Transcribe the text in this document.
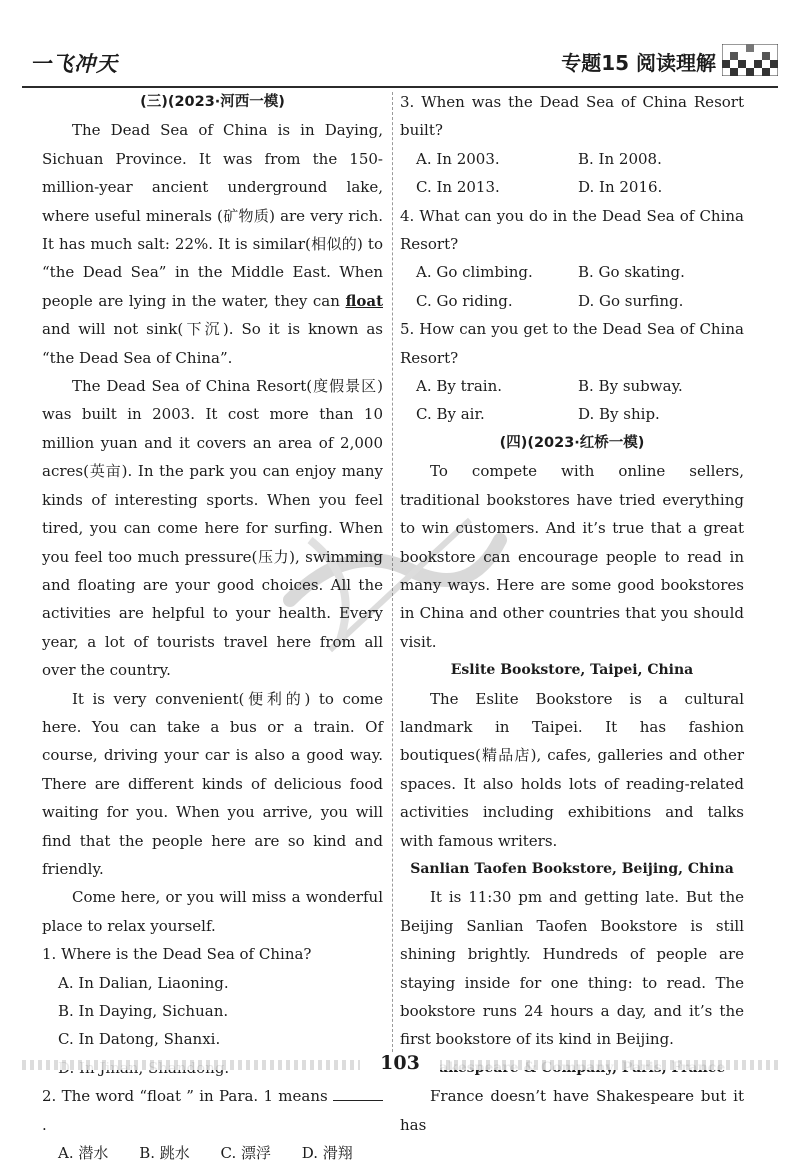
一飞冲天	专题15 阅读理解
(三)(2023·河西一模)

The Dead Sea of China is in Daying, Sichuan Province. It was from the 150-million-year ancient underground lake, where useful minerals (矿物质) are very rich. It has much salt: 22%. It is similar(相似的) to “the Dead Sea” in the Middle East. When people are lying in the water, they can float and will not sink(下沉). So it is known as “the Dead Sea of China”.

The Dead Sea of China Resort(度假景区) was built in 2003. It cost more than 10 million yuan and it covers an area of 2,000 acres(英亩). In the park you can enjoy many kinds of interesting sports. When you feel tired, you can come here for surfing. When you feel too much pressure(压力), swimming and floating are your good choices. All the activities are helpful to your health. Every year, a lot of tourists travel here from all over the country.

It is very convenient(便利的) to come here. You can take a bus or a train. Of course, driving your car is also a good way. There are different kinds of delicious food waiting for you. When you arrive, you will find that the people here are so kind and friendly.

Come here, or you will miss a wonderful place to relax yourself.

1. Where is the Dead Sea of China?

A. In Dalian, Liaoning.

B. In Daying, Sichuan.

C. In Datong, Shanxi.

2. The word “float ” in Para. 1 means .

A. 潜水	B. 跳水	C. 漂浮	D. 滑翔

3. When was the Dead Sea of China Resort built?

A. In 2003.	B. In 2008.
C. In 2013.	D. In 2016.

4. What can you do in the Dead Sea of China Resort?

A. Go climbing.	B. Go skating.
C. Go riding.	D. Go surfing.

5. How can you get to the Dead Sea of China Resort?

A. By train.	B. By subway.
C. By air.	D. By ship.
(四)(2023·红桥一模)

To compete with online sellers, traditional bookstores have tried everything to win customers. And it’s true that a great bookstore can encourage people to read in many ways. Here are some good bookstores in China and other countries that you should visit.

Eslite Bookstore, Taipei, China

The Eslite Bookstore is a cultural landmark in Taipei. It has fashion boutiques(精品店), cafes, galleries and other spaces. It also holds lots of reading-related activities including exhibitions and talks with famous writers.

Sanlian Taofen Bookstore, Beijing, China

It is 11:30 pm and getting late. But the Beijing Sanlian Taofen Bookstore is still shining brightly. Hundreds of people are staying inside for one thing: to read. The bookstore runs 24 hours a day, and it’s the first bookstore of its kind in Beijing.

France doesn’t have Shakespeare but it has

103
